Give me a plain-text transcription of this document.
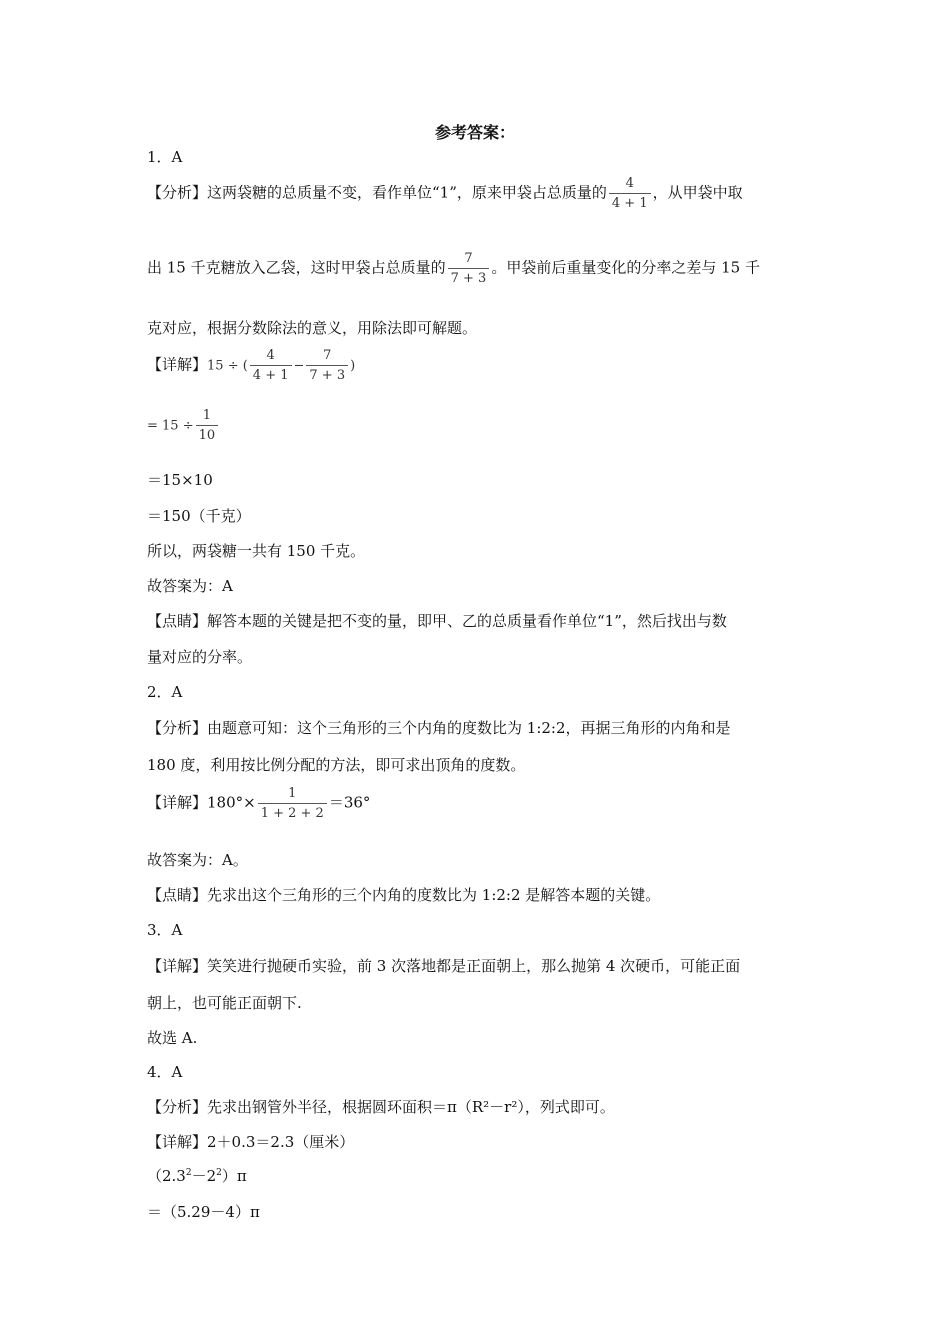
参考答案：
1．A
【分析】这两袋糖的总质量不变，看作单位“1”，原来甲袋占总质量的 $\frac{4}{4 + 1}$ ，从甲袋中取
出 15 千克糖放入乙袋，这时甲袋占总质量的 $\frac{7}{7 + 3}$ 。甲袋前后重量变化的分率之差与 15 千
克对应，根据分数除法的意义，用除法即可解题。
【详解】15 ÷ ( $\frac{4}{4 + 1} - \frac{7}{7 + 3}$ )
= $15 \div \frac{1}{10}$
＝15×10
＝150（千克）
所以，两袋糖一共有 150 千克。
故答案为：A
【点睛】解答本题的关键是把不变的量，即甲、乙的总质量看作单位“1”，然后找出与数
量对应的分率。
2．A
【分析】由题意可知：这个三角形的三个内角的度数比为 1:2:2，再据三角形的内角和是
180 度，利用按比例分配的方法，即可求出顶角的度数。
【详解】$180^\circ\times \frac{1}{1 + 2 + 2} =36^\circ$
故答案为：A。
【点睛】先求出这个三角形的三个内角的度数比为 1:2:2 是解答本题的关键。
3．A
【详解】笑笑进行抛硬币实验，前 3 次落地都是正面朝上，那么抛第 4 次硬币，可能正面
朝上，也可能正面朝下.
故选 A.
4．A
【分析】先求出钢管外半径，根据圆环面积＝π（R²－r²），列式即可。
【详解】2＋0.3＝2.3（厘米）
$(2.3^2-2^2)\pi$
＝（5.29－4）π
